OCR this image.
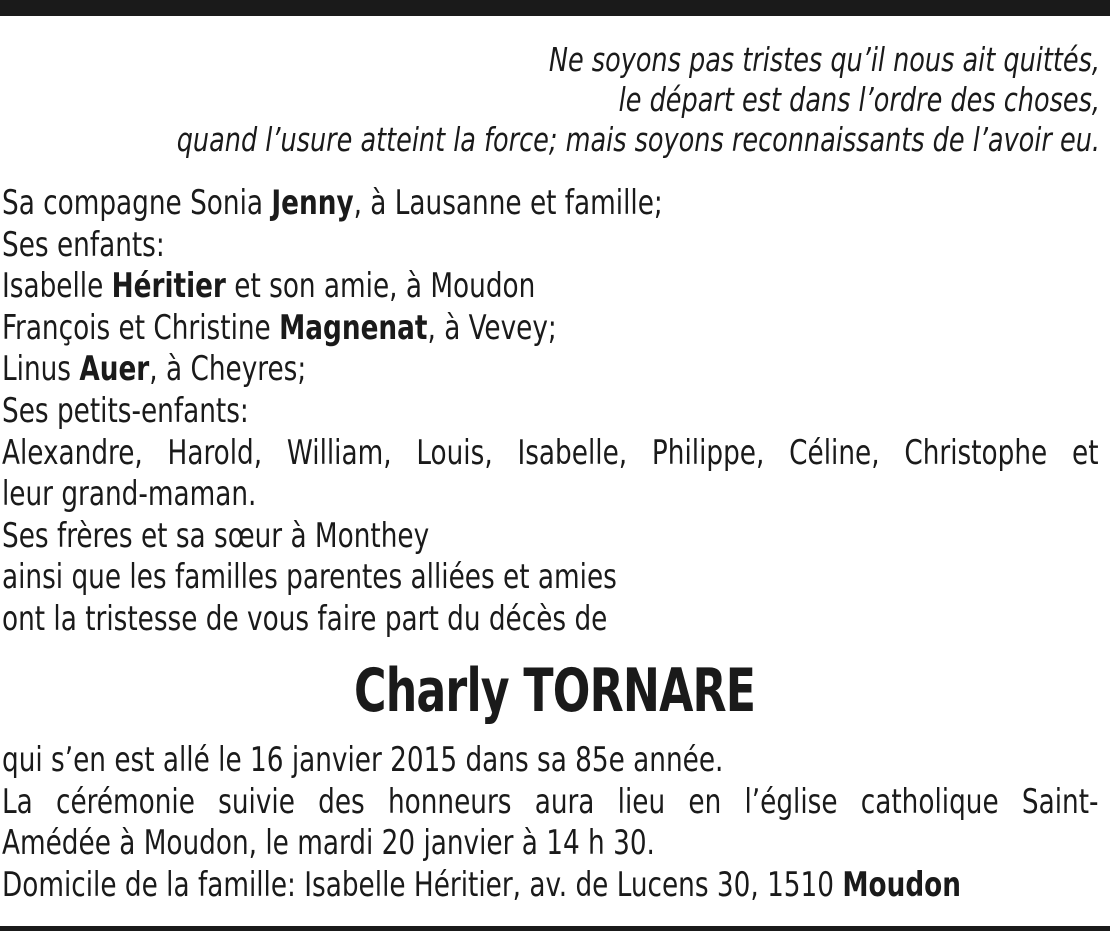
Ne soyons pas tristes qu’il nous ait quittés,
le départ est dans l’ordre des choses,
quand l’usure atteint la force; mais soyons reconnaissants de l’avoir eu.
Sa compagne Sonia Jenny, à Lausanne et famille;
Ses enfants:
Isabelle Héritier et son amie, à Moudon
François et Christine Magnenat, à Vevey;
Linus Auer, à Cheyres;
Ses petits-enfants:
Alexandre, Harold, William, Louis, Isabelle, Philippe, Céline, Christophe et
leur grand-maman.
Ses frères et sa sœur à Monthey
ainsi que les familles parentes alliées et amies
ont la tristesse de vous faire part du décès de
Charly TORNARE
qui s’en est allé le 16 janvier 2015 dans sa 85e année.
La cérémonie suivie des honneurs aura lieu en l’église catholique Saint-
Amédée à Moudon, le mardi 20 janvier à 14 h 30.
Domicile de la famille: Isabelle Héritier, av. de Lucens 30, 1510 Moudon
